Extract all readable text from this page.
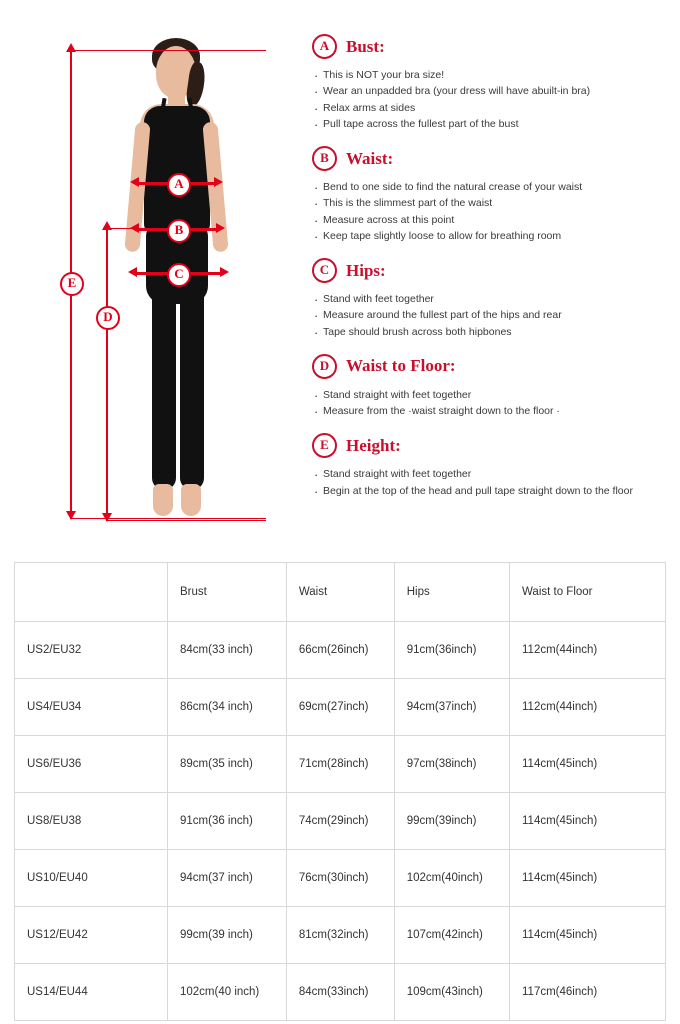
A
B
C
E
D
A Bust:
· This is NOT your bra size!
· Wear an unpadded bra (your dress will have abuilt-in bra)
· Relax arms at sides
· Pull tape across the fullest part of the bust
B	Waist:
· Bend to one side to find the natural crease of your waist
· This is the slimmest part of the waist
· Measure across at this point
· Keep tape slightly loose to allow for breathing room
C Hips:
· Stand with feet together
· Measure around the fullest part of the hips and rear
· Tape should brush across both hipbones
D Waist to Floor:
· Stand straight with feet together
· Measure from the ·waist straight down to the floor ·
E	Height:
· Stand straight with feet together
· Begin at the top of the head and pull tape straight down to the floor
	Brust	Waist	Hips	Waist to Floor
US2/EU32	84cm(33 inch)	66cm(26inch)	91cm(36inch)	112cm(44inch)
US4/EU34	86cm(34 inch)	69cm(27inch)	94cm(37inch)	112cm(44inch)
US6/EU36	89cm(35 inch)	71cm(28inch)	97cm(38inch)	114cm(45inch)
US8/EU38	91cm(36 inch)	74cm(29inch)	99cm(39inch)	114cm(45inch)
US10/EU40	94cm(37 inch)	76cm(30inch)	102cm(40inch)	114cm(45inch)
US12/EU42	99cm(39 inch)	81cm(32inch)	107cm(42inch)	114cm(45inch)
US14/EU44	102cm(40 inch)	84cm(33inch)	109cm(43inch)	117cm(46inch)
